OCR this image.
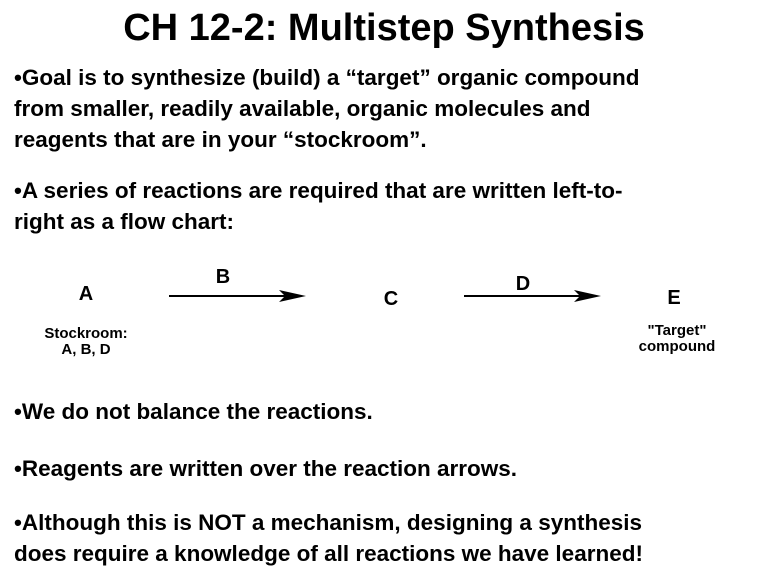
CH 12-2: Multistep Synthesis

•Goal is to synthesize (build) a “target” organic compound
from smaller, readily available, organic molecules and
reagents that are in your “stockroom”.

•A series of reactions are required that are written left-to-
right as a flow chart:

A
B
C
D
E
Stockroom:
A, B, D
"Target"
compound

•We do not balance the reactions.

•Reagents are written over the reaction arrows.

•Although this is NOT a mechanism, designing a synthesis
does require a knowledge of all reactions we have learned!
